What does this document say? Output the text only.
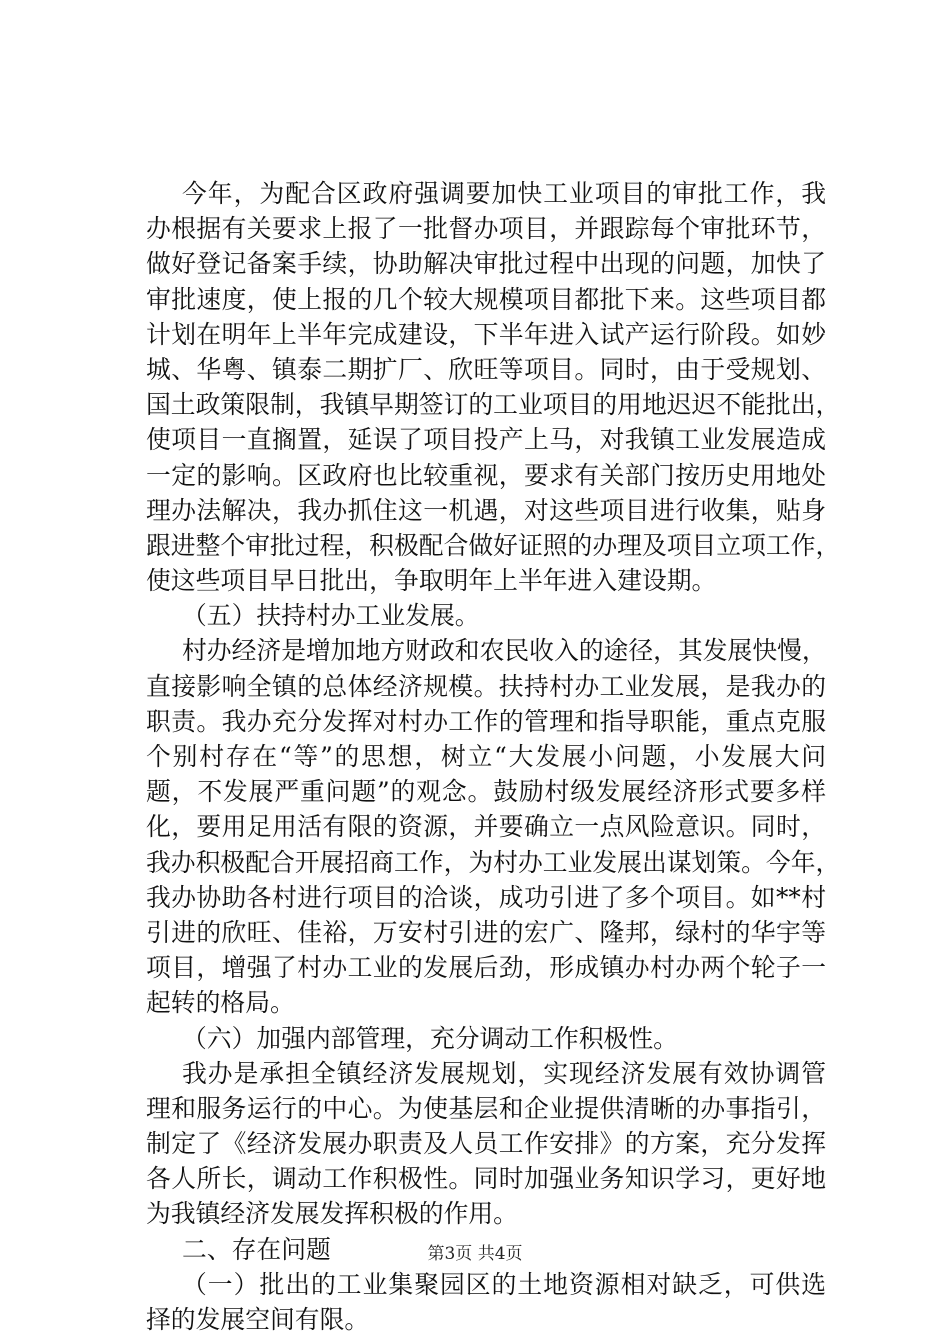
今年，为配合区政府强调要加快工业项目的审批工作，我
办根据有关要求上报了一批督办项目，并跟踪每个审批环节，
做好登记备案手续，协助解决审批过程中出现的问题，加快了
审批速度，使上报的几个较大规模项目都批下来。这些项目都
计划在明年上半年完成建设，下半年进入试产运行阶段。如妙
城、华粤、镇泰二期扩厂、欣旺等项目。同时，由于受规划、
国土政策限制，我镇早期签订的工业项目的用地迟迟不能批出，
使项目一直搁置，延误了项目投产上马，对我镇工业发展造成
一定的影响。区政府也比较重视，要求有关部门按历史用地处
理办法解决，我办抓住这一机遇，对这些项目进行收集，贴身
跟进整个审批过程，积极配合做好证照的办理及项目立项工作，
使这些项目早日批出，争取明年上半年进入建设期。
（五）扶持村办工业发展。
村办经济是增加地方财政和农民收入的途径，其发展快慢，
直接影响全镇的总体经济规模。扶持村办工业发展，是我办的
职责。我办充分发挥对村办工作的管理和指导职能，重点克服
个别村存在“等”的思想，树立“大发展小问题，小发展大问
题，不发展严重问题”的观念。鼓励村级发展经济形式要多样
化，要用足用活有限的资源，并要确立一点风险意识。同时，
我办积极配合开展招商工作，为村办工业发展出谋划策。今年，
我办协助各村进行项目的洽谈，成功引进了多个项目。如**村
引进的欣旺、佳裕，万安村引进的宏广、隆邦，绿村的华宇等
项目，增强了村办工业的发展后劲，形成镇办村办两个轮子一
起转的格局。
（六）加强内部管理，充分调动工作积极性。
我办是承担全镇经济发展规划，实现经济发展有效协调管
理和服务运行的中心。为使基层和企业提供清晰的办事指引，
制定了《经济发展办职责及人员工作安排》的方案，充分发挥
各人所长，调动工作积极性。同时加强业务知识学习，更好地
为我镇经济发展发挥积极的作用。
二、存在问题
（一）批出的工业集聚园区的土地资源相对缺乏，可供选
择的发展空间有限。
第3页 共4页
